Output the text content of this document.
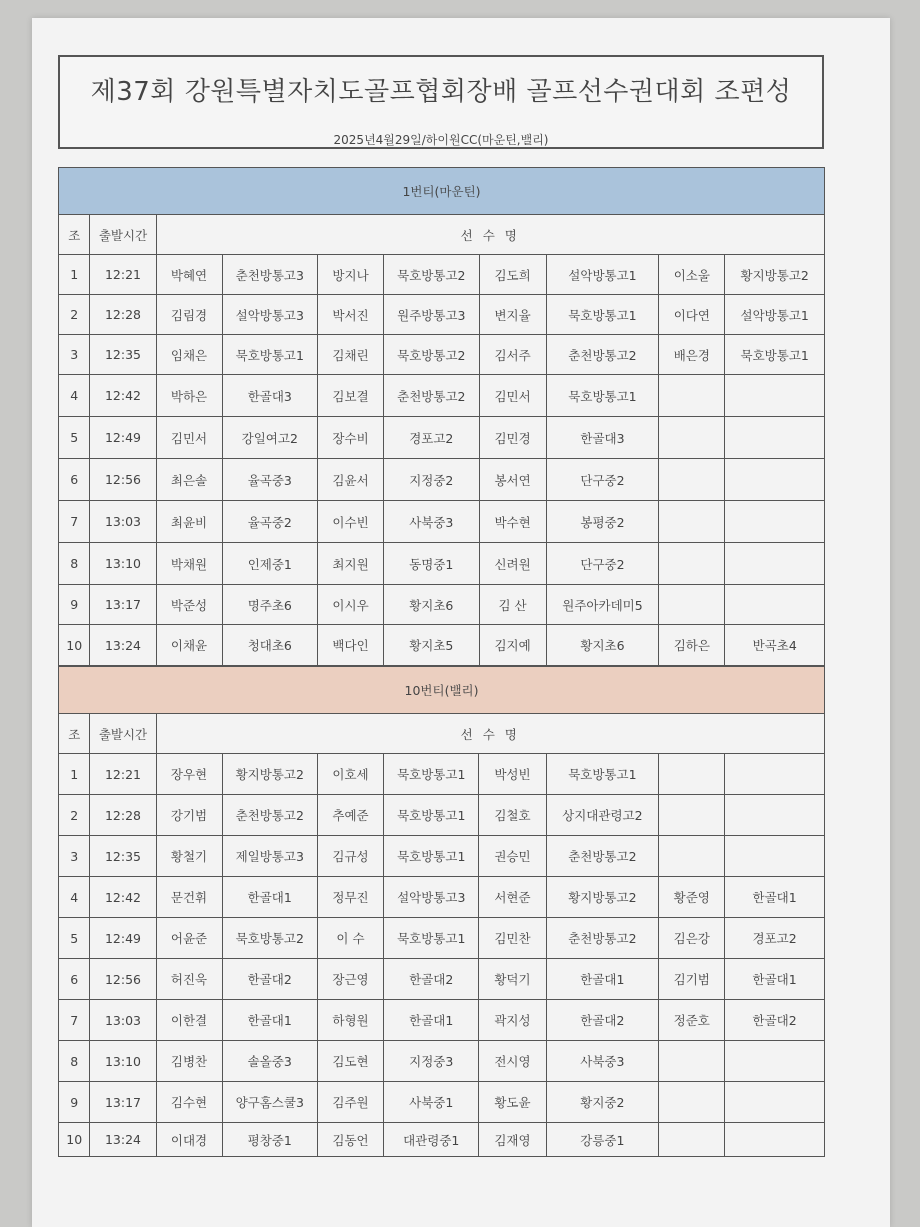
제37회 강원특별자치도골프협회장배 골프선수권대회 조편성
2025년4월29일/하이원CC(마운틴,밸리)
1번티(마운틴)									
조	출발시간	선 수 명							
1	12:21	박혜연	춘천방통고3	방지나	묵호방통고2	김도희	설악방통고1	이소울	황지방통고2
2	12:28	김림경	설악방통고3	박서진	원주방통고3	변지율	묵호방통고1	이다연	설악방통고1
3	12:35	임채은	묵호방통고1	김채린	묵호방통고2	김서주	춘천방통고2	배은경	묵호방통고1
4	12:42	박하은	한골대3	김보결	춘천방통고2	김민서	묵호방통고1		
5	12:49	김민서	강일여고2	장수비	경포고2	김민경	한골대3		
6	12:56	최은솔	율곡중3	김윤서	지정중2	봉서연	단구중2		
7	13:03	최윤비	율곡중2	이수빈	사북중3	박수현	봉평중2		
8	13:10	박채원	인제중1	최지원	동명중1	신려원	단구중2		
9	13:17	박준성	명주초6	이시우	황지초6	김 산	원주아카데미5		
10	13:24	이채윤	청대초6	백다인	황지초5	김지예	황지초6	김하은	반곡초4
10번티(밸리)									
조	출발시간	선 수 명							
1	12:21	장우현	황지방통고2	이호세	묵호방통고1	박성빈	묵호방통고1		
2	12:28	강기범	춘천방통고2	추예준	묵호방통고1	김철호	상지대관령고2		
3	12:35	황철기	제일방통고3	김규성	묵호방통고1	권승민	춘천방통고2		
4	12:42	문건휘	한골대1	정무진	설악방통고3	서현준	황지방통고2	황준영	한골대1
5	12:49	어윤준	묵호방통고2	이 수	묵호방통고1	김민찬	춘천방통고2	김은강	경포고2
6	12:56	허진욱	한골대2	장근영	한골대2	황덕기	한골대1	김기범	한골대1
7	13:03	이한결	한골대1	하형원	한골대1	곽지성	한골대2	정준호	한골대2
8	13:10	김병찬	솔올중3	김도현	지정중3	전시영	사북중3		
9	13:17	김수현	양구홈스쿨3	김주원	사북중1	황도윤	황지중2		
10	13:24	이대경	평창중1	김동언	대관령중1	김재영	강릉중1		
